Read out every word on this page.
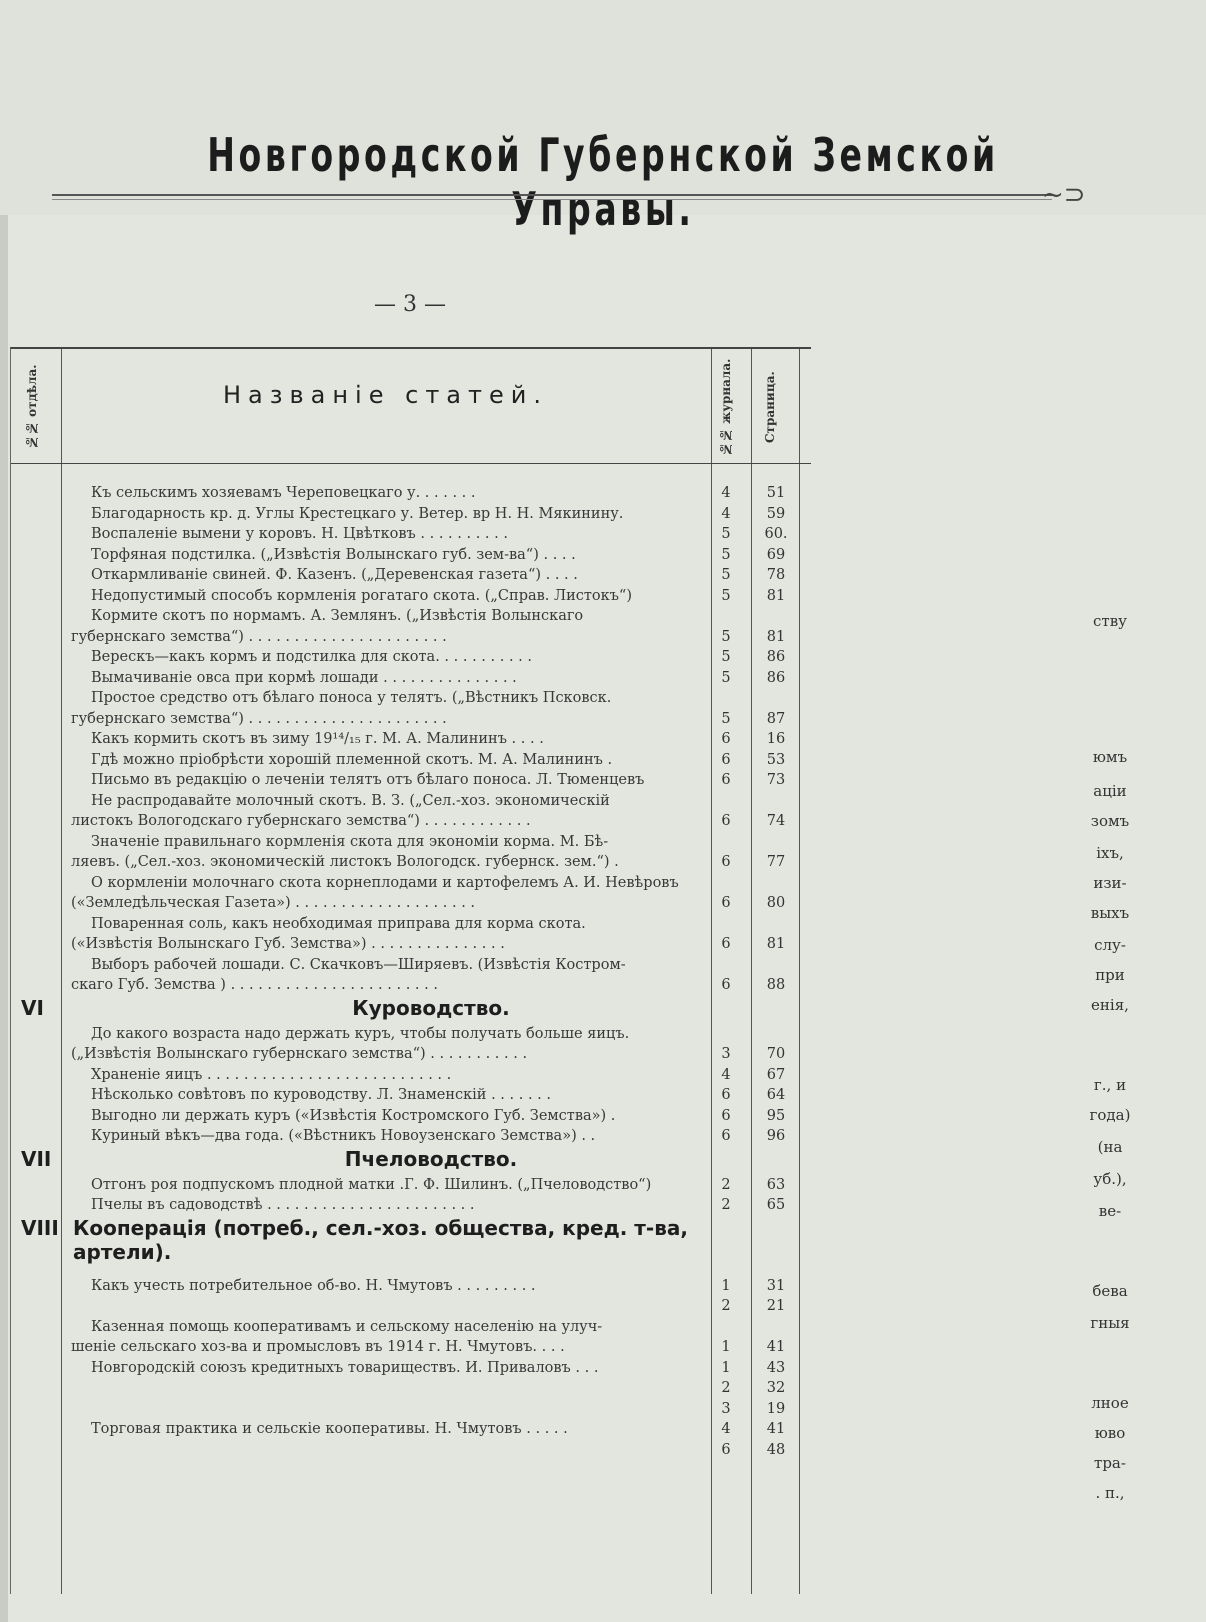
Новгородской Губернской Земской Управы.	~⊃
— 3 —
№№ отдѣла.	Названіе статей.	№№ журнала.	Страница.
Къ сельскимъ хозяевамъ Череповецкаго у. . . . . . .	4	51
Благодарность кр. д. Углы Крестецкаго у. Ветер. вр Н. Н. Мякинину.	4	59
Воспаленіе вымени у коровъ. Н. Цвѣтковъ . . . . . . . . . .	5	60.
Торфяная подстилка. („Извѣстія Волынскаго губ. зем-ва“) . . . .	5	69
Откармливаніе свиней. Ф. Казенъ. („Деревенская газета“) . . . .	5	78
Недопустимый способъ кормленія рогатаго скота. („Справ. Листокъ“)	5	81
Кормите скотъ по нормамъ. А. Землянъ. („Извѣстія Волынскаго
губернскаго земства“) . . . . . . . . . . . . . . . . . . . . . .	5	81
Верескъ—какъ кормъ и подстилка для скота. . . . . . . . . . .	5	86
Вымачиваніе овса при кормѣ лошади . . . . . . . . . . . . . . .	5	86
Простое средство отъ бѣлаго поноса у телятъ. („Вѣстникъ Псковск.
губернскаго земства“) . . . . . . . . . . . . . . . . . . . . . .	5	87
Какъ кормить скотъ въ зиму 19¹⁴/₁₅ г. М. А. Малининъ . . . .	6	16
Гдѣ можно пріобрѣсти хорошій племенной скотъ. М. А. Малининъ .	6	53
Письмо въ редакцію о леченіи телятъ отъ бѣлаго поноса. Л. Тюменцевъ	6	73
Не распродавайте молочный скотъ. В. З. („Сел.-хоз. экономическій
листокъ Вологодскаго губернскаго земства“) . . . . . . . . . . . .	6	74
Значеніе правильнаго кормленія скота для экономіи корма. М. Бѣ-
ляевъ. („Сел.-хоз. экономическій листокъ Вологодск. губернск. зем.“) .	6	77
О кормленіи молочнаго скота корнеплодами и картофелемъ А. И. Невѣровъ
(«Земледѣльческая Газета») . . . . . . . . . . . . . . . . . . . .	6	80
Поваренная соль, какъ необходимая приправа для корма скота.
(«Извѣстія Волынскаго Губ. Земства») . . . . . . . . . . . . . . .	6	81
Выборъ рабочей лошади. С. Скачковъ—Ширяевъ. (Извѣстія Костром-
скаго Губ. Земства ) . . . . . . . . . . . . . . . . . . . . . . .	6	88
VI	Куроводство.
До какого возраста надо держать куръ, чтобы получать больше яицъ.
(„Извѣстія Волынскаго губернскаго земства“) . . . . . . . . . . .	3	70
Храненіе яицъ . . . . . . . . . . . . . . . . . . . . . . . . . . .	4	67
Нѣсколько совѣтовъ по куроводству. Л. Знаменскій . . . . . . .	6	64
Выгодно ли держать куръ («Извѣстія Костромского Губ. Земства») .	6	95
Куриный вѣкъ—два года. («Вѣстникъ Новоузенскаго Земства») . .	6	96
VII	Пчеловодство.
Отгонъ роя подпускомъ плодной матки .Г. Ф. Шилинъ. („Пчеловодство“)	2	63
Пчелы въ садоводствѣ . . . . . . . . . . . . . . . . . . . . . . .	2	65
VIII Кооперація (потреб., сел.-хоз. общества, кред. т-ва, артели).
Какъ учесть потребительное об-во. Н. Чмутовъ . . . . . . . . .	1	31
2	21
Казенная помощь кооперативамъ и сельскому населенію на улуч-
шеніе сельскаго хоз-ва и промысловъ въ 1914 г. Н. Чмутовъ. . . .	1	41
Новгородскій союзъ кредитныхъ товариществъ. И. Приваловъ . . .	1	43
2	32
3	19
Торговая практика и сельскіе кооперативы. Н. Чмутовъ . . . . .	4	41
6	48
ству
юмъ
аціи
зомъ
іхъ,
изи-
выхъ
слу-
при
енія,
г., и
года)
(на
уб.),
ве-
бева
гныя
лное
юво
тра-
. п.,
